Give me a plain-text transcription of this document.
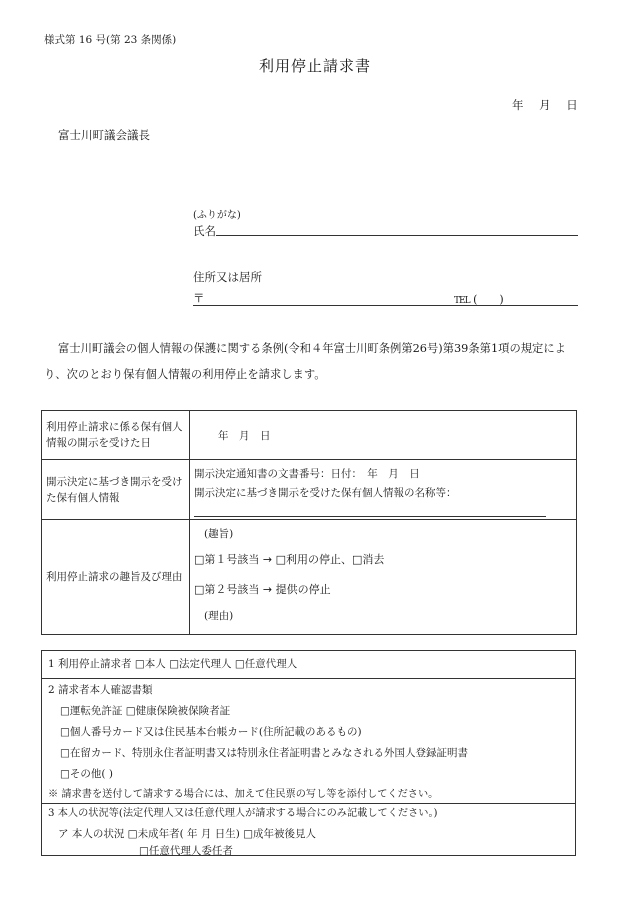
様式第 16 号(第 23 条関係)
利用停止請求書
年 月 日
富士川町議会議長
(ふりがな)
氏名
住所又は居所
〒	TEL (　　)
富士川町議会の個人情報の保護に関する条例(令和４年富士川町条例第26号)第39条第1項の規定により、次のとおり保有個人情報の利用停止を請求します。
利用停止請求に係る保有個人情報の開示を受けた日	年　月　日
開示決定に基づき開示を受けた保有個人情報	開示決定通知書の文書番号：日付：　年　月　日
開示決定に基づき開示を受けた保有個人情報の名称等：

利用停止請求の趣旨及び理由	(趣旨)
□第１号該当 → □利用の停止、□消去
□第２号該当 → 提供の停止
(理由)
1 利用停止請求者 □本人 □法定代理人 □任意代理人
2 請求者本人確認書類
□運転免許証 □健康保険被保険者証
□個人番号カード又は住民基本台帳カード(住所記載のあるもの)
□在留カード、特別永住者証明書又は特別永住者証明書とみなされる外国人登録証明書
□その他( )
※ 請求書を送付して請求する場合には、加えて住民票の写し等を添付してください。
3 本人の状況等(法定代理人又は任意代理人が請求する場合にのみ記載してください。)
ア 本人の状況 □未成年者( 年 月 日生) □成年被後見人
□任意代理人委任者
